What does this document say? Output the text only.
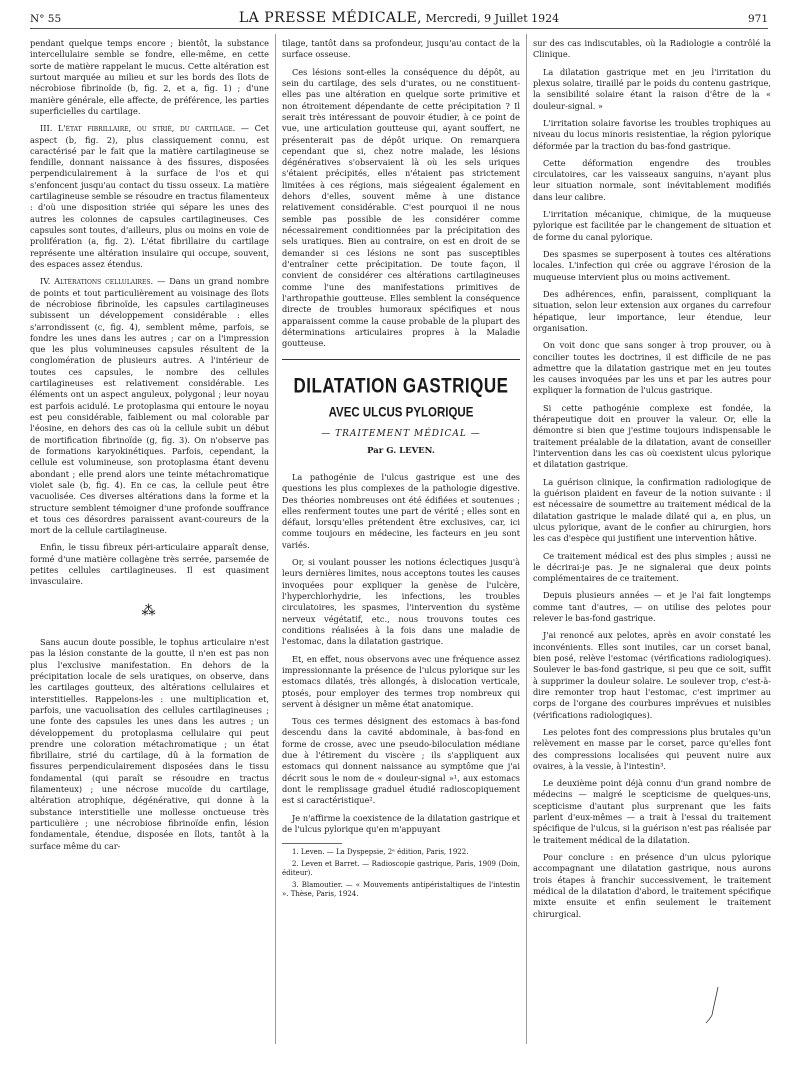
N° 55	LA PRESSE MÉDICALE, Mercredi, 9 Juillet 1924	971

pendant quelque temps encore ; bientôt, la substance intercellulaire semble se fondre, elle-même, en cette sorte de matière rappelant le mucus. Cette altération est surtout marquée au milieu et sur les bords des îlots de nécrobiose fibrinoïde (b, fig. 2, et a, fig. 1) ; d'une manière générale, elle affecte, de préférence, les parties superficielles du cartilage.

III. L'état fibrillaire, ou strié, du cartilage. — Cet aspect (b, fig. 2), plus classiquement connu, est caractérisé par le fait que la matière cartilagineuse se fendille, donnant naissance à des fissures, disposées perpendiculairement à la surface de l'os et qui s'enfoncent jusqu'au contact du tissu osseux. La matière cartilagineuse semble se résoudre en tractus filamenteux : d'où une disposition striée qui sépare les unes des autres les colonnes de capsules cartilagineuses. Ces capsules sont toutes, d'ailleurs, plus ou moins en voie de prolifération (a, fig. 2). L'état fibrillaire du cartilage représente une altération insulaire qui occupe, souvent, des espaces assez étendus.

IV. Altérations cellulaires. — Dans un grand nombre de points et tout particulièrement au voisinage des îlots de nécrobiose fibrinoïde, les capsules cartilagineuses subissent un développement considérable : elles s'arrondissent (c, fig. 4), semblent même, parfois, se fondre les unes dans les autres ; car on a l'impression que les plus volumineuses capsules résultent de la conglomération de plusieurs autres. A l'intérieur de toutes ces capsules, le nombre des cellules cartilagineuses est relativement considérable. Les éléments ont un aspect anguleux, polygonal ; leur noyau est parfois acidulé. Le protoplasma qui entoure le noyau est peu considérable, faiblement ou mal colorable par l'éosine, en dehors des cas où la cellule subit un début de mortification fibrinoïde (g, fig. 3). On n'observe pas de formations karyokinétiques. Parfois, cependant, la cellule est volumineuse, son protoplasma étant devenu abondant ; elle prend alors une teinte métachromatique violet sale (b, fig. 4). En ce cas, la cellule peut être vacuolisée. Ces diverses altérations dans la forme et la structure semblent témoigner d'une profonde souffrance et tous ces désordres paraissent avant-coureurs de la mort de la cellule cartilagineuse.

Enfin, le tissu fibreux péri-articulaire apparaît dense, formé d'une matière collagène très serrée, parsemée de petites cellules cartilagineuses. Il est quasiment invasculaire.

⁂

Sans aucun doute possible, le tophus articulaire n'est pas la lésion constante de la goutte, il n'en est pas non plus l'exclusive manifestation. En dehors de la précipitation locale de sels uratiques, on observe, dans les cartilages goutteux, des altérations cellulaires et interstitielles. Rappelons-les : une multiplication et, parfois, une vacuolisation des cellules cartilagineuses ; une fonte des capsules les unes dans les autres ; un développement du protoplasma cellulaire qui peut prendre une coloration métachromatique ; un état fibrillaire, strié du cartilage, dû à la formation de fissures perpendiculairement disposées dans le tissu fondamental (qui paraît se résoudre en tractus filamenteux) ; une nécrose mucoïde du cartilage, altération atrophique, dégénérative, qui donne à la substance interstitielle une mollesse onctueuse très particulière ; une nécrobiose fibrinoïde enfin, lésion fondamentale, étendue, disposée en îlots, tantôt à la surface même du car-

tilage, tantôt dans sa profondeur, jusqu'au contact de la surface osseuse.

Ces lésions sont-elles la conséquence du dépôt, au sein du cartilage, des sels d'urates, ou ne constituent-elles pas une altération en quelque sorte primitive et non étroitement dépendante de cette précipitation ? Il serait très intéressant de pouvoir étudier, à ce point de vue, une articulation goutteuse qui, ayant souffert, ne présenterait pas de dépôt urique. On remarquera cependant que si, chez notre malade, les lésions dégénératives s'observaient là où les sels uriques s'étaient précipités, elles n'étaient pas strictement limitées à ces régions, mais siégeaient également en dehors d'elles, souvent même à une distance relativement considérable. C'est pourquoi il ne nous semble pas possible de les considérer comme nécessairement conditionnées par la précipitation des sels uratiques. Bien au contraire, on est en droit de se demander si ces lésions ne sont pas susceptibles d'entraîner cette précipitation. De toute façon, il convient de considérer ces altérations cartilagineuses comme l'une des manifestations primitives de l'arthropathie goutteuse. Elles semblent la conséquence directe de troubles humoraux spécifiques et nous apparaissent comme la cause probable de la plupart des déterminations articulaires propres à la Maladie goutteuse.

DILATATION GASTRIQUE
AVEC ULCUS PYLORIQUE
— TRAITEMENT MÉDICAL —
Par G. LEVEN.

La pathogénie de l'ulcus gastrique est une des questions les plus complexes de la pathologie digestive. Des théories nombreuses ont été édifiées et soutenues ; elles renferment toutes une part de vérité ; elles sont en défaut, lorsqu'elles prétendent être exclusives, car, ici comme toujours en médecine, les facteurs en jeu sont variés.

Or, si voulant pousser les notions éclectiques jusqu'à leurs dernières limites, nous acceptons toutes les causes invoquées pour expliquer la genèse de l'ulcère, l'hyperchlorhydrie, les infections, les troubles circulatoires, les spasmes, l'intervention du système nerveux végétatif, etc., nous trouvons toutes ces conditions réalisées à la fois dans une maladie de l'estomac, dans la dilatation gastrique.

Et, en effet, nous observons avec une fréquence assez impressionnante la présence de l'ulcus pylorique sur les estomacs dilatés, très allongés, à dislocation verticale, ptosés, pour employer des termes trop nombreux qui servent à désigner un même état anatomique.

Tous ces termes désignent des estomacs à bas-fond descendu dans la cavité abdominale, à bas-fond en forme de crosse, avec une pseudo-biloculation médiane due à l'étirement du viscère ; ils s'appliquent aux estomacs qui donnent naissance au symptôme que j'ai décrit sous le nom de « douleur-signal »¹, aux estomacs dont le remplissage graduel étudié radioscopiquement est si caractéristique².

Je n'affirme la coexistence de la dilatation gastrique et de l'ulcus pylorique qu'en m'appuyant

1. Leven. — La Dyspepsie, 2ᵉ édition, Paris, 1922.

2. Leven et Barret. — Radioscopie gastrique, Paris, 1909 (Doin, éditeur).

3. Blamoutier. — « Mouvements antipéristaltiques de l'intestin ». Thèse, Paris, 1924.

sur des cas indiscutables, où la Radiologie a contrôlé la Clinique.

La dilatation gastrique met en jeu l'irritation du plexus solaire, tiraillé par le poids du contenu gastrique, la sensibilité solaire étant la raison d'être de la « douleur-signal. »

L'irritation solaire favorise les troubles trophiques au niveau du locus minoris resistentiae, la région pylorique déformée par la traction du bas-fond gastrique.

Cette déformation engendre des troubles circulatoires, car les vaisseaux sanguins, n'ayant plus leur situation normale, sont inévitablement modifiés dans leur calibre.

L'irritation mécanique, chimique, de la muqueuse pylorique est facilitée par le changement de situation et de forme du canal pylorique.

Des spasmes se superposent à toutes ces altérations locales. L'infection qui crée ou aggrave l'érosion de la muqueuse intervient plus ou moins activement.

Des adhérences, enfin, paraissent, compliquant la situation, selon leur extension aux organes du carrefour hépatique, leur importance, leur étendue, leur organisation.

On voit donc que sans songer à trop prouver, ou à concilier toutes les doctrines, il est difficile de ne pas admettre que la dilatation gastrique met en jeu toutes les causes invoquées par les uns et par les autres pour expliquer la formation de l'ulcus gastrique.

Si cette pathogénie complexe est fondée, la thérapeutique doit en prouver la valeur. Or, elle la démontre si bien que j'estime toujours indispensable le traitement préalable de la dilatation, avant de conseiller l'intervention dans les cas où coexistent ulcus pylorique et dilatation gastrique.

La guérison clinique, la confirmation radiologique de la guérison plaident en faveur de la notion suivante : il est nécessaire de soumettre au traitement médical de la dilatation gastrique le malade dilaté qui a, en plus, un ulcus pylorique, avant de le confier au chirurgien, hors les cas d'espèce qui justifient une intervention hâtive.

Ce traitement médical est des plus simples ; aussi ne le décrirai-je pas. Je ne signalerai que deux points complémentaires de ce traitement.

Depuis plusieurs années — et je l'ai fait longtemps comme tant d'autres, — on utilise des pelotes pour relever le bas-fond gastrique.

J'ai renoncé aux pelotes, après en avoir constaté les inconvénients. Elles sont inutiles, car un corset banal, bien posé, relève l'estomac (vérifications radiologiques). Soulever le bas-fond gastrique, si peu que ce soit, suffit à supprimer la douleur solaire. Le soulever trop, c'est-à-dire remonter trop haut l'estomac, c'est imprimer au corps de l'organe des courbures imprévues et nuisibles (vérifications radiologiques).

Les pelotes font des compressions plus brutales qu'un relèvement en masse par le corset, parce qu'elles font des compressions localisées qui peuvent nuire aux ovaires, à la vessie, à l'intestin³.

Le deuxième point déjà connu d'un grand nombre de médecins — malgré le scepticisme de quelques-uns, scepticisme d'autant plus surprenant que les faits parlent d'eux-mêmes — a trait à l'essai du traitement spécifique de l'ulcus, si la guérison n'est pas réalisée par le traitement médical de la dilatation.

Pour conclure : en présence d'un ulcus pylorique accompagnant une dilatation gastrique, nous aurons trois étapes à franchir successivement, le traitement médical de la dilatation d'abord, le traitement spécifique mixte ensuite et enfin seulement le traitement chirurgical.
